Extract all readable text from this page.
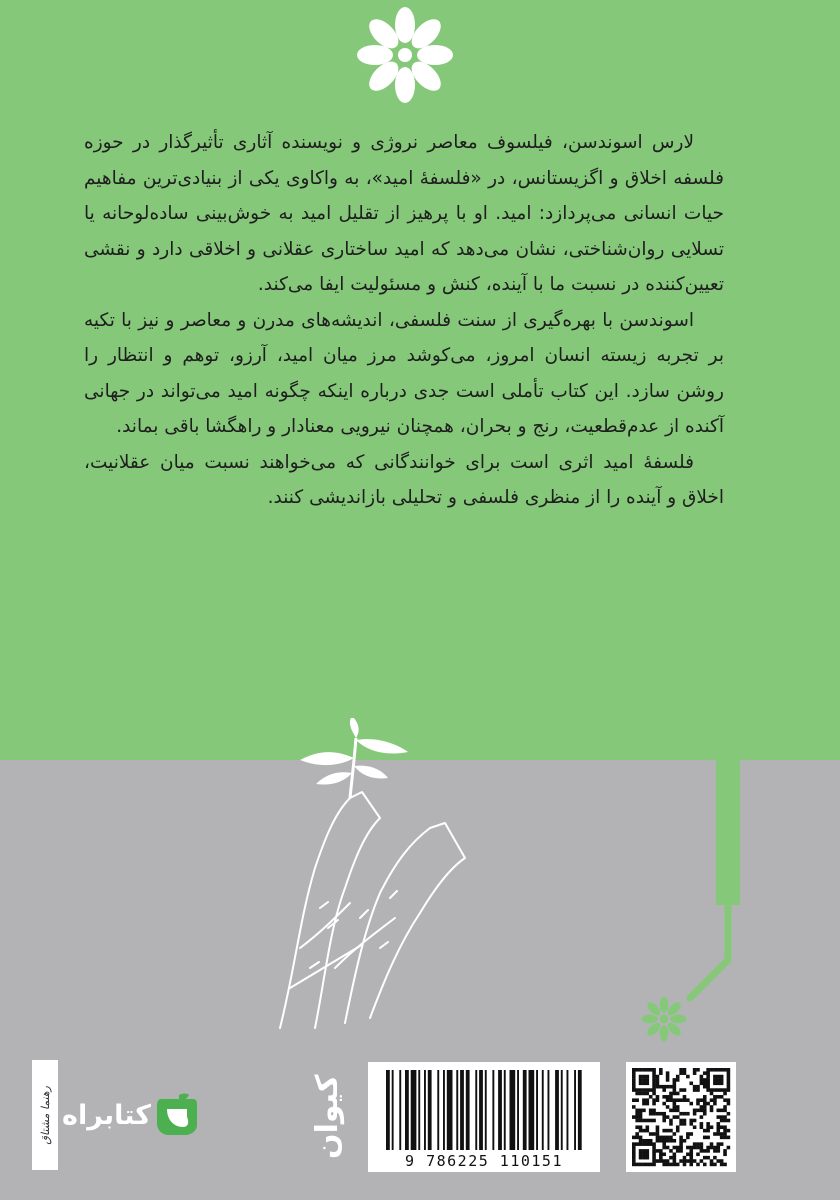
لارس اسوندسن، فیلسوف معاصر نروژی و نویسنده آثاری تأثیرگذار در حوزه فلسفه اخلاق و اگزیستانس، در «فلسفهٔ امید»، به واکاوی یکی از بنیادی‌ترین مفاهیم حیات انسانی می‌پردازد: امید. او با پرهیز از تقلیل امید به خوش‌بینی ساده‌لوحانه یا تسلایی روان‌شناختی، نشان می‌دهد که امید ساختاری عقلانی و اخلاقی دارد و نقشی تعیین‌کننده در نسبت ما با آینده، کنش و مسئولیت ایفا می‌کند.

اسوندسن با بهره‌گیری از سنت فلسفی، اندیشه‌های مدرن و معاصر و نیز با تکیه بر تجربه زیسته انسان امروز، می‌کوشد مرز میان امید، آرزو، توهم و انتظار را روشن سازد. این کتاب تأملی است جدی درباره اینکه چگونه امید می‌تواند در جهانی آکنده از عدم‌قطعیت، رنج و بحران، همچنان نیرویی معنادار و راهگشا باقی بماند.

فلسفهٔ امید اثری است برای خوانندگانی که می‌خواهند نسبت میان عقلانیت، اخلاق و آینده را از منظری فلسفی و تحلیلی بازاندیشی کنند.

رهنما مشتاق کتابراه	کیوان
9 786225 110151
